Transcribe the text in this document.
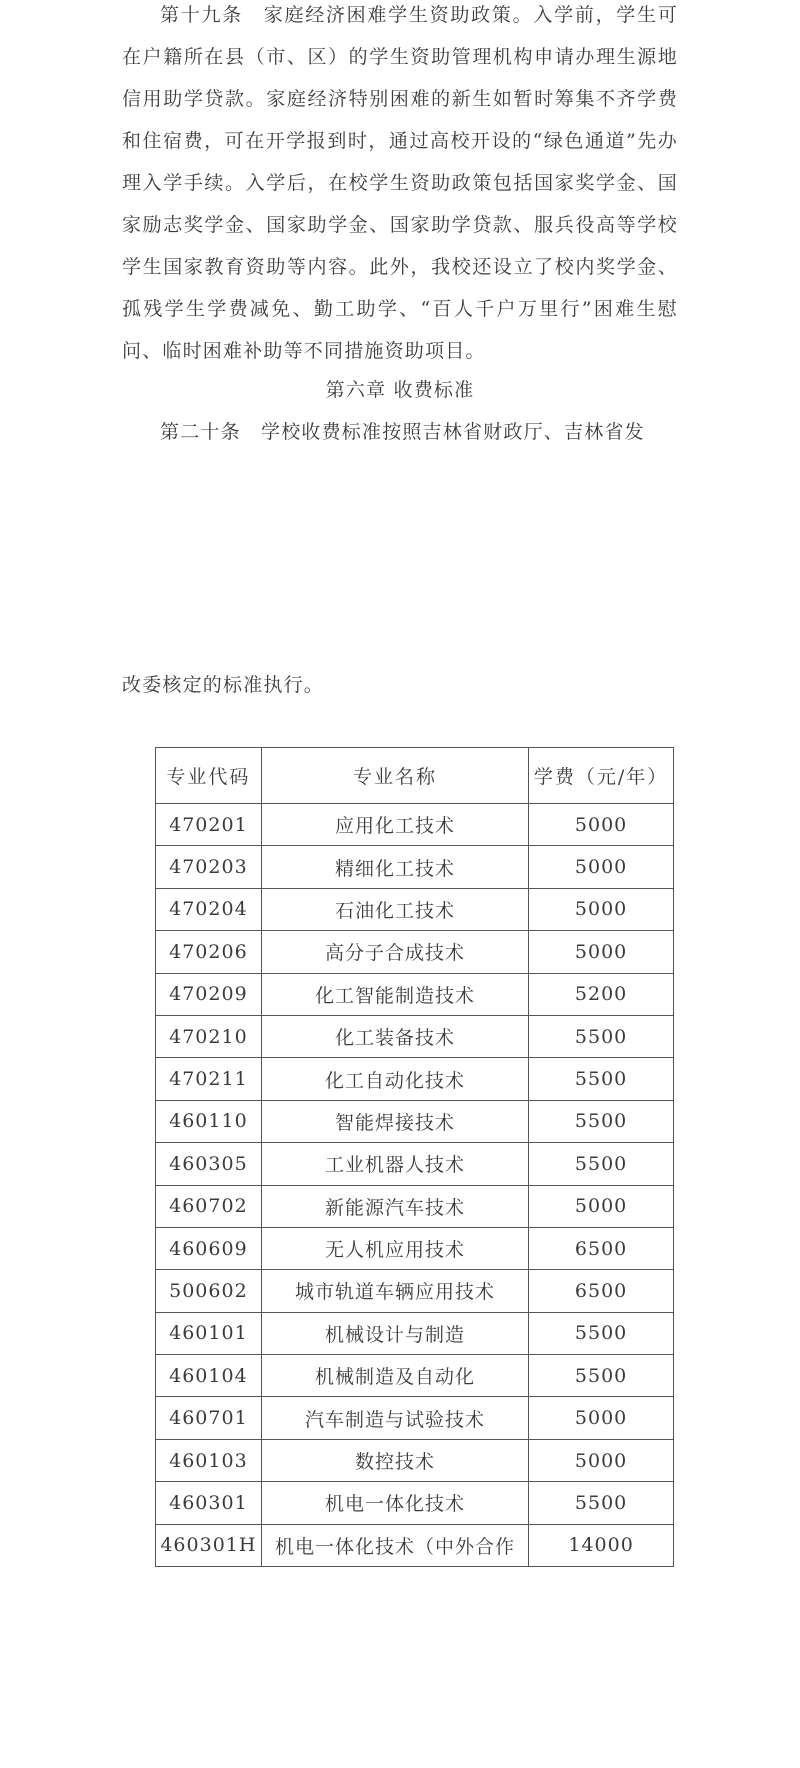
第十九条　家庭经济困难学生资助政策。入学前，学生可在户籍所在县（市、区）的学生资助管理机构申请办理生源地信用助学贷款。家庭经济特别困难的新生如暂时筹集不齐学费和住宿费，可在开学报到时，通过高校开设的“绿色通道”先办理入学手续。入学后，在校学生资助政策包括国家奖学金、国家励志奖学金、国家助学金、国家助学贷款、服兵役高等学校学生国家教育资助等内容。此外，我校还设立了校内奖学金、孤残学生学费减免、勤工助学、“百人千户万里行”困难生慰问、临时困难补助等不同措施资助项目。

第六章 收费标准

第二十条　学校收费标准按照吉林省财政厅、吉林省发

改委核定的标准执行。

专业代码	专业名称	学费（元/年）
470201	应用化工技术	5000
470203	精细化工技术	5000
470204	石油化工技术	5000
470206	高分子合成技术	5000
470209	化工智能制造技术	5200
470210	化工装备技术	5500
470211	化工自动化技术	5500
460110	智能焊接技术	5500
460305	工业机器人技术	5500
460702	新能源汽车技术	5000
460609	无人机应用技术	6500
500602	城市轨道车辆应用技术	6500
460101	机械设计与制造	5500
460104	机械制造及自动化	5500
460701	汽车制造与试验技术	5000
460103	数控技术	5000
460301	机电一体化技术	5500
460301H	机电一体化技术（中外合作	14000
